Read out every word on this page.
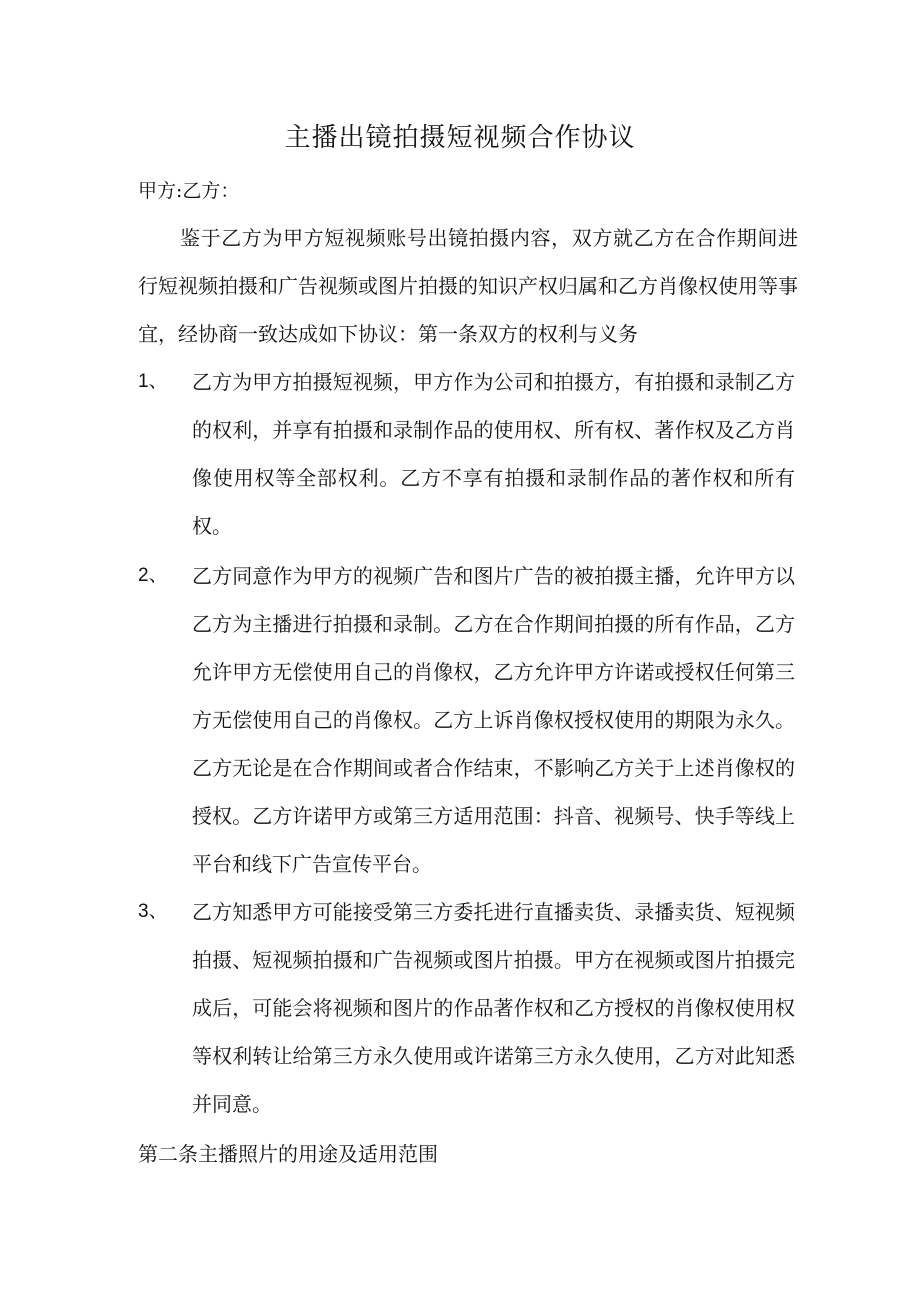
主播出镜拍摄短视频合作协议

甲方:乙方：

鉴于乙方为甲方短视频账号出镜拍摄内容，双方就乙方在合作期间进行短视频拍摄和广告视频或图片拍摄的知识产权归属和乙方肖像权使用等事宜，经协商一致达成如下协议：第一条双方的权利与义务

1、	乙方为甲方拍摄短视频，甲方作为公司和拍摄方，有拍摄和录制乙方的权利，并享有拍摄和录制作品的使用权、所有权、著作权及乙方肖像使用权等全部权利。乙方不享有拍摄和录制作品的著作权和所有权。

2、	乙方同意作为甲方的视频广告和图片广告的被拍摄主播，允许甲方以乙方为主播进行拍摄和录制。乙方在合作期间拍摄的所有作品，乙方允许甲方无偿使用自己的肖像权，乙方允许甲方许诺或授权任何第三方无偿使用自己的肖像权。乙方上诉肖像权授权使用的期限为永久。乙方无论是在合作期间或者合作结束，不影响乙方关于上述肖像权的授权。乙方许诺甲方或第三方适用范围：抖音、视频号、快手等线上平台和线下广告宣传平台。

3、	乙方知悉甲方可能接受第三方委托进行直播卖货、录播卖货、短视频拍摄、短视频拍摄和广告视频或图片拍摄。甲方在视频或图片拍摄完成后，可能会将视频和图片的作品著作权和乙方授权的肖像权使用权等权利转让给第三方永久使用或许诺第三方永久使用，乙方对此知悉并同意。

第二条主播照片的用途及适用范围
